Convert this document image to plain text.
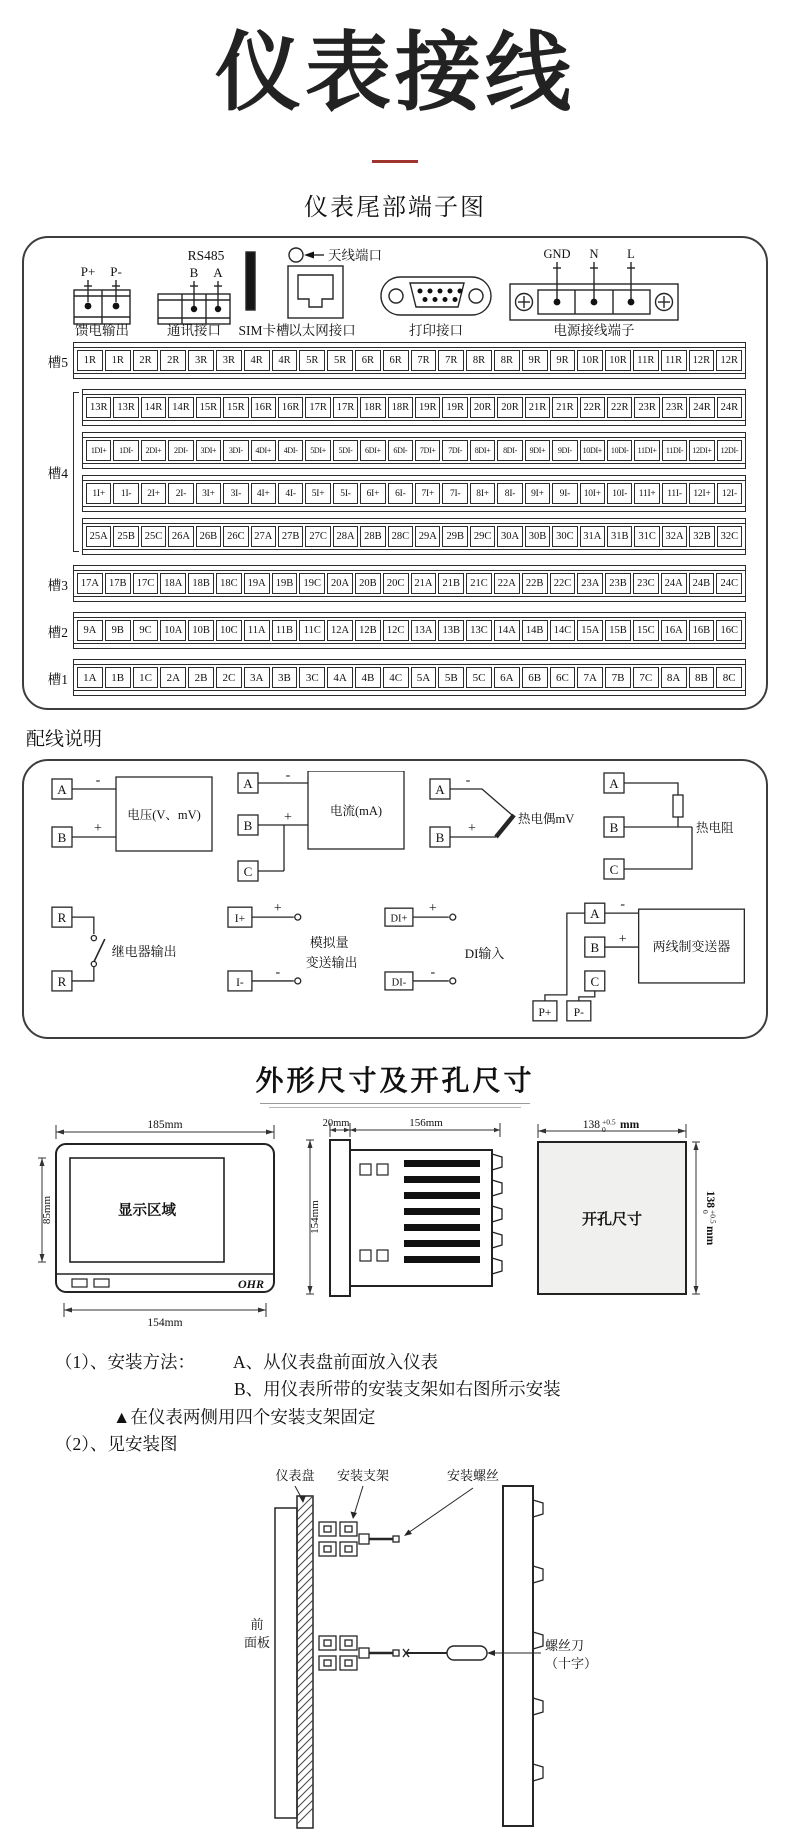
仪表接线
仪表尾部端子图
P+ P-
RS485
B A
天线端口	GND N L
馈电输出	通讯接口 SIM卡槽
以太网接口	打印接口	电源接线端子
槽5	1R	1R	2R	2R	3R	3R	4R	4R	5R	5R	6R	6R	7R	7R	8R	8R	9R	9R	10R 10R 11R	11R 12R 12R
槽4
13R 13R 14R 14R 15R 15R 16R 16R 17R 17R 18R 18R 19R 19R 20R 20R 21R 21R 22R 22R 23R 23R 24R 24R
1DI+	1DI-	2DI+	2DI-	3DI+	3DI-	4DI+	4DI-	5DI+	5DI-	6DI+	6DI-	7DI+	7DI-	8DI+	8DI-	9DI+	9DI-	10DI+	10DI-	11DI+	11DI-	12DI+	12DI-
1I+	1I-	2I+	2I-	3I+	3I-	4I+	4I-	5I+	5I-	6I+	6I-	7I+	7I-	8I+	8I-	9I+	9I-	10I+	10I-	11I+	11I-	12I+	12I-
25A 25B 25C 26A 26B 26C 27A 27B 27C 28A 28B 28C 29A 29B 29C 30A 30B 30C 31A 31B 31C 32A 32B 32C
槽3	17A 17B 17C 18A 18B 18C 19A 19B 19C 20A 20B 20C 21A 21B 21C 22A 22B 22C 23A 23B 23C 24A 24B 24C
槽2	9A	9B	9C	10A 10B 10C 11A 11B	11C 12A 12B 12C 13A 13B 13C 14A 14B 14C 15A 15B 15C 16A 16B 16C
槽1	1A	1B	1C	2A	2B	2C	3A	3B	3C	4A	4B	4C	5A	5B	5C	6A	6B	6C	7A	7B	7C	8A	8B	8C
配线说明
A
-
B
+
电压(V、mV)
A
-
B
+
C
电流(mA)
A
-
B
+
热电偶mV
A
B
C
热电阻
R
R
继电器输出
I+
+
I-
-
模拟量
变送输出
DI+
+
DI-
-
DI输入
A
B
C
-
+
P+ P-
两线制变送器
外形尺寸及开孔尺寸
185mm
85mm
154mm
显示区域
OHR
154mm
20mm	156mm
开孔尺寸
138 +0.5
0 mm
138
+0.5
0
mm
（1）、安装方法： A、从仪表盘前面放入仪表
B、用仪表所带的安装支架如右图所示安装
▲在仪表两侧用四个安装支架固定
（2）、见安装图
仪表盘 安装支架	安装螺丝
前
面板	螺丝刀
（十字）
